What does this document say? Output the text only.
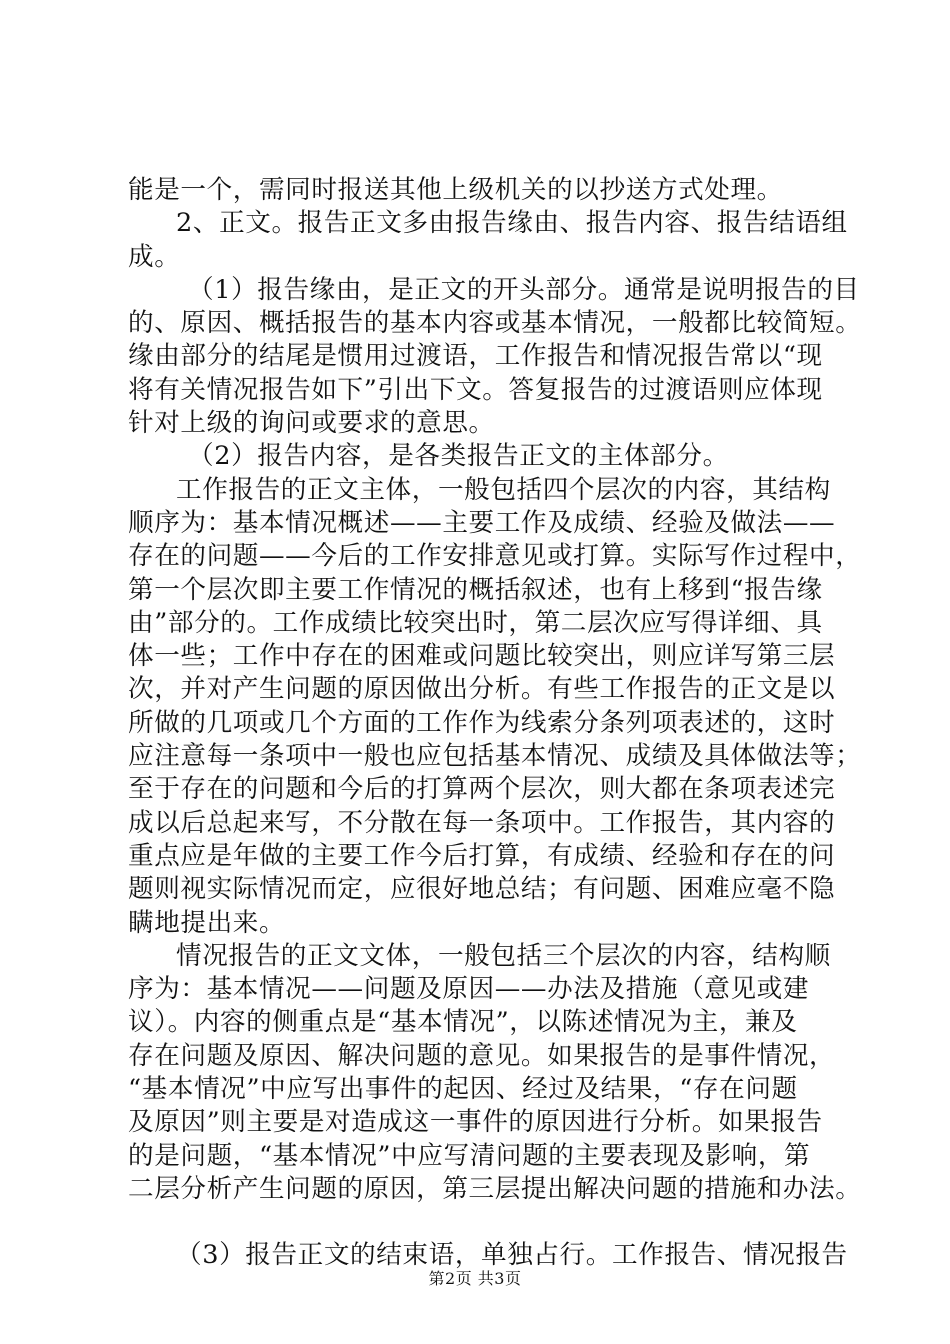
能是一个，需同时报送其他上级机关的以抄送方式处理。
2、正文。报告正文多由报告缘由、报告内容、报告结语组
成。
（1）报告缘由，是正文的开头部分。通常是说明报告的目
的、原因、概括报告的基本内容或基本情况，一般都比较简短。
缘由部分的结尾是惯用过渡语，工作报告和情况报告常以“现
将有关情况报告如下”引出下文。答复报告的过渡语则应体现
针对上级的询问或要求的意思。
（2）报告内容，是各类报告正文的主体部分。
工作报告的正文主体，一般包括四个层次的内容，其结构
顺序为：基本情况概述——主要工作及成绩、经验及做法——
存在的问题——今后的工作安排意见或打算。实际写作过程中，
第一个层次即主要工作情况的概括叙述，也有上移到“报告缘
由”部分的。工作成绩比较突出时，第二层次应写得详细、具
体一些；工作中存在的困难或问题比较突出，则应详写第三层
次，并对产生问题的原因做出分析。有些工作报告的正文是以
所做的几项或几个方面的工作作为线索分条列项表述的，这时
应注意每一条项中一般也应包括基本情况、成绩及具体做法等；
至于存在的问题和今后的打算两个层次，则大都在条项表述完
成以后总起来写，不分散在每一条项中。工作报告，其内容的
重点应是年做的主要工作今后打算，有成绩、经验和存在的问
题则视实际情况而定，应很好地总结；有问题、困难应毫不隐
瞒地提出来。
情况报告的正文文体，一般包括三个层次的内容，结构顺
序为：基本情况——问题及原因——办法及措施（意见或建
议）。内容的侧重点是“基本情况”，以陈述情况为主，兼及
存在问题及原因、解决问题的意见。如果报告的是事件情况，
“基本情况”中应写出事件的起因、经过及结果，“存在问题
及原因”则主要是对造成这一事件的原因进行分析。如果报告
的是问题，“基本情况”中应写清问题的主要表现及影响，第
二层分析产生问题的原因，第三层提出解决问题的措施和办法。
（3）报告正文的结束语，单独占行。工作报告、情况报告
第2页 共3页
